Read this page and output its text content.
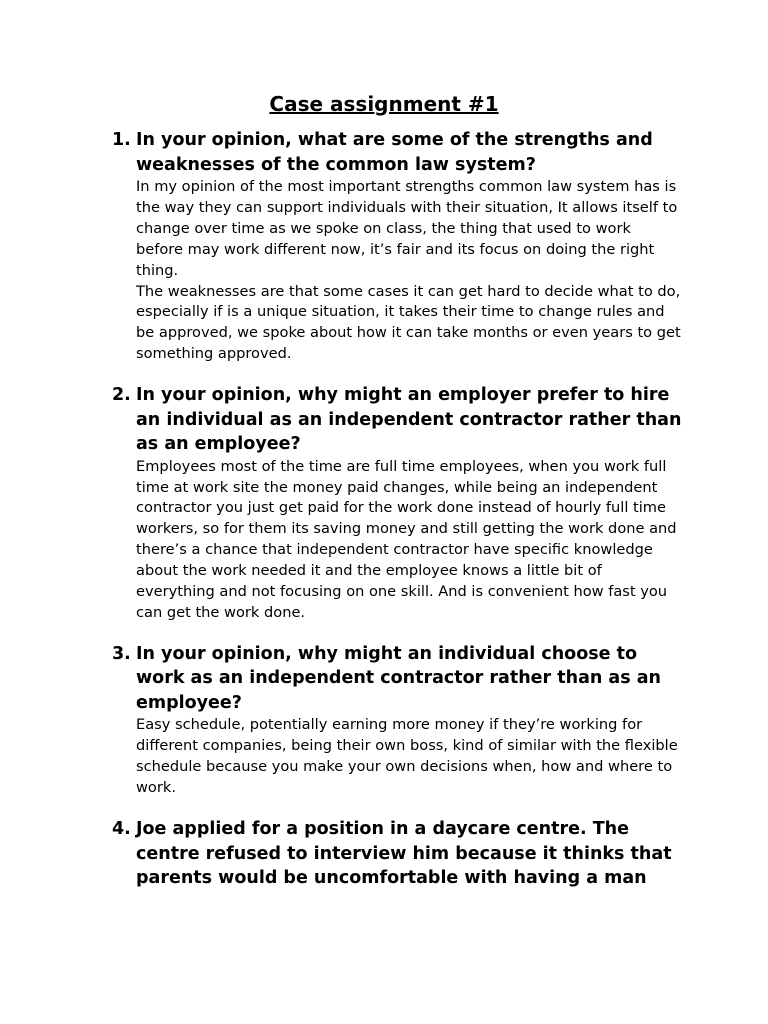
Case assignment #1
1. In your opinion, what are some of the strengths and weaknesses of the common law system?

In my opinion of the most important strengths common law system has is the way they can support individuals with their situation, It allows itself to change over time as we spoke on class, the thing that used to work before may work different now, it’s fair and its focus on doing the right thing.

The weaknesses are that some cases it can get hard to decide what to do, especially if is a unique situation, it takes their time to change rules and be approved, we spoke about how it can take months or even years to get something approved.

2. In your opinion, why might an employer prefer to hire an individual as an independent contractor rather than as an employee?

Employees most of the time are full time employees, when you work full time at work site the money paid changes, while being an independent contractor you just get paid for the work done instead of hourly full time workers, so for them its saving money and still getting the work done and there’s a chance that independent contractor have specific knowledge about the work needed it and the employee knows a little bit of everything and not focusing on one skill. And is convenient how fast you can get the work done.

3. In your opinion, why might an individual choose to work as an independent contractor rather than as an employee?

Easy schedule, potentially earning more money if they’re working for different companies, being their own boss, kind of similar with the flexible schedule because you make your own decisions when, how and where to work.

4. Joe applied for a position in a daycare centre. The centre refused to interview him because it thinks that parents would be uncomfortable with having a man
